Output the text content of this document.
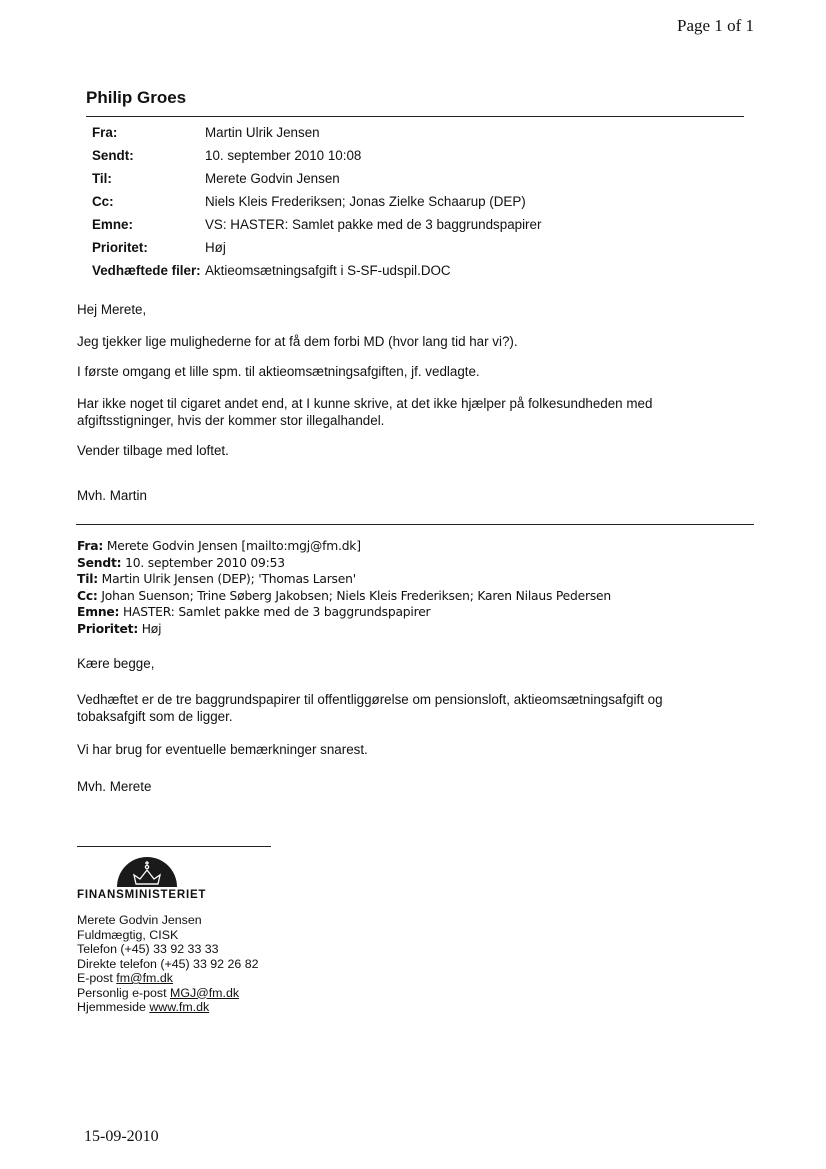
Page 1 of 1
Philip Groes
Fra:	Martin Ulrik Jensen
Sendt:	10. september 2010 10:08
Til:	Merete Godvin Jensen
Cc:	Niels Kleis Frederiksen; Jonas Zielke Schaarup (DEP)
Emne:	VS: HASTER: Samlet pakke med de 3 baggrundspapirer
Prioritet:	Høj
Vedhæftede filer: Aktieomsætningsafgift i S-SF-udspil.DOC
Hej Merete,
Jeg tjekker lige mulighederne for at få dem forbi MD (hvor lang tid har vi?).
I første omgang et lille spm. til aktieomsætningsafgiften, jf. vedlagte.
Har ikke noget til cigaret andet end, at I kunne skrive, at det ikke hjælper på folkesundheden med afgiftsstigninger, hvis der kommer stor illegalhandel.
Vender tilbage med loftet.
Mvh. Martin
Fra: Merete Godvin Jensen [mailto:mgj@fm.dk]
Sendt: 10. september 2010 09:53
Til: Martin Ulrik Jensen (DEP); 'Thomas Larsen'
Cc: Johan Suenson; Trine Søberg Jakobsen; Niels Kleis Frederiksen; Karen Nilaus Pedersen
Emne: HASTER: Samlet pakke med de 3 baggrundspapirer
Prioritet: Høj
Kære begge,
Vedhæftet er de tre baggrundspapirer til offentliggørelse om pensionsloft, aktieomsætningsafgift og tobaksafgift som de ligger.
Vi har brug for eventuelle bemærkninger snarest.
Mvh. Merete
FINANSMINISTERIET
Merete Godvin Jensen
Fuldmægtig, CISK
Telefon (+45) 33 92 33 33
Direkte telefon (+45) 33 92 26 82
E-post fm@fm.dk
Personlig e-post MGJ@fm.dk
Hjemmeside www.fm.dk
15-09-2010
